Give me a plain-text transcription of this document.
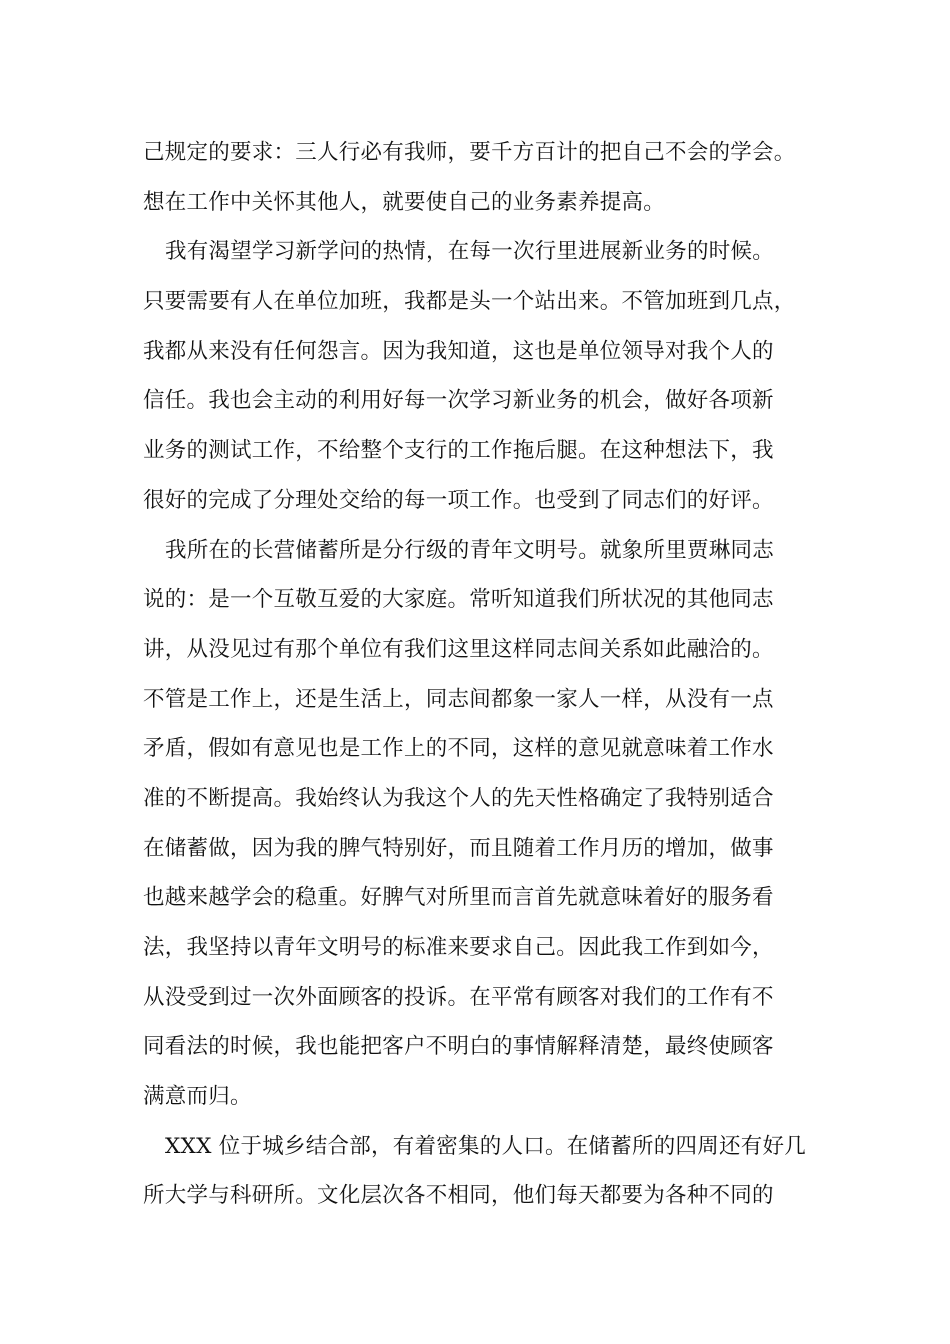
己规定的要求：三人行必有我师，要千方百计的把自己不会的学会。
想在工作中关怀其他人，就要使自己的业务素养提高。
我有渴望学习新学问的热情，在每一次行里进展新业务的时候。
只要需要有人在单位加班，我都是头一个站出来。不管加班到几点，
我都从来没有任何怨言。因为我知道，这也是单位领导对我个人的
信任。我也会主动的利用好每一次学习新业务的机会，做好各项新
业务的测试工作，不给整个支行的工作拖后腿。在这种想法下，我
很好的完成了分理处交给的每一项工作。也受到了同志们的好评。
我所在的长营储蓄所是分行级的青年文明号。就象所里贾琳同志
说的：是一个互敬互爱的大家庭。常听知道我们所状况的其他同志
讲，从没见过有那个单位有我们这里这样同志间关系如此融洽的。
不管是工作上，还是生活上，同志间都象一家人一样，从没有一点
矛盾，假如有意见也是工作上的不同，这样的意见就意味着工作水
准的不断提高。我始终认为我这个人的先天性格确定了我特别适合
在储蓄做，因为我的脾气特别好，而且随着工作月历的增加，做事
也越来越学会的稳重。好脾气对所里而言首先就意味着好的服务看
法，我坚持以青年文明号的标准来要求自己。因此我工作到如今，
从没受到过一次外面顾客的投诉。在平常有顾客对我们的工作有不
同看法的时候，我也能把客户不明白的事情解释清楚，最终使顾客
满意而归。
XXX 位于城乡结合部，有着密集的人口。在储蓄所的四周还有好几
所大学与科研所。文化层次各不相同，他们每天都要为各种不同的
